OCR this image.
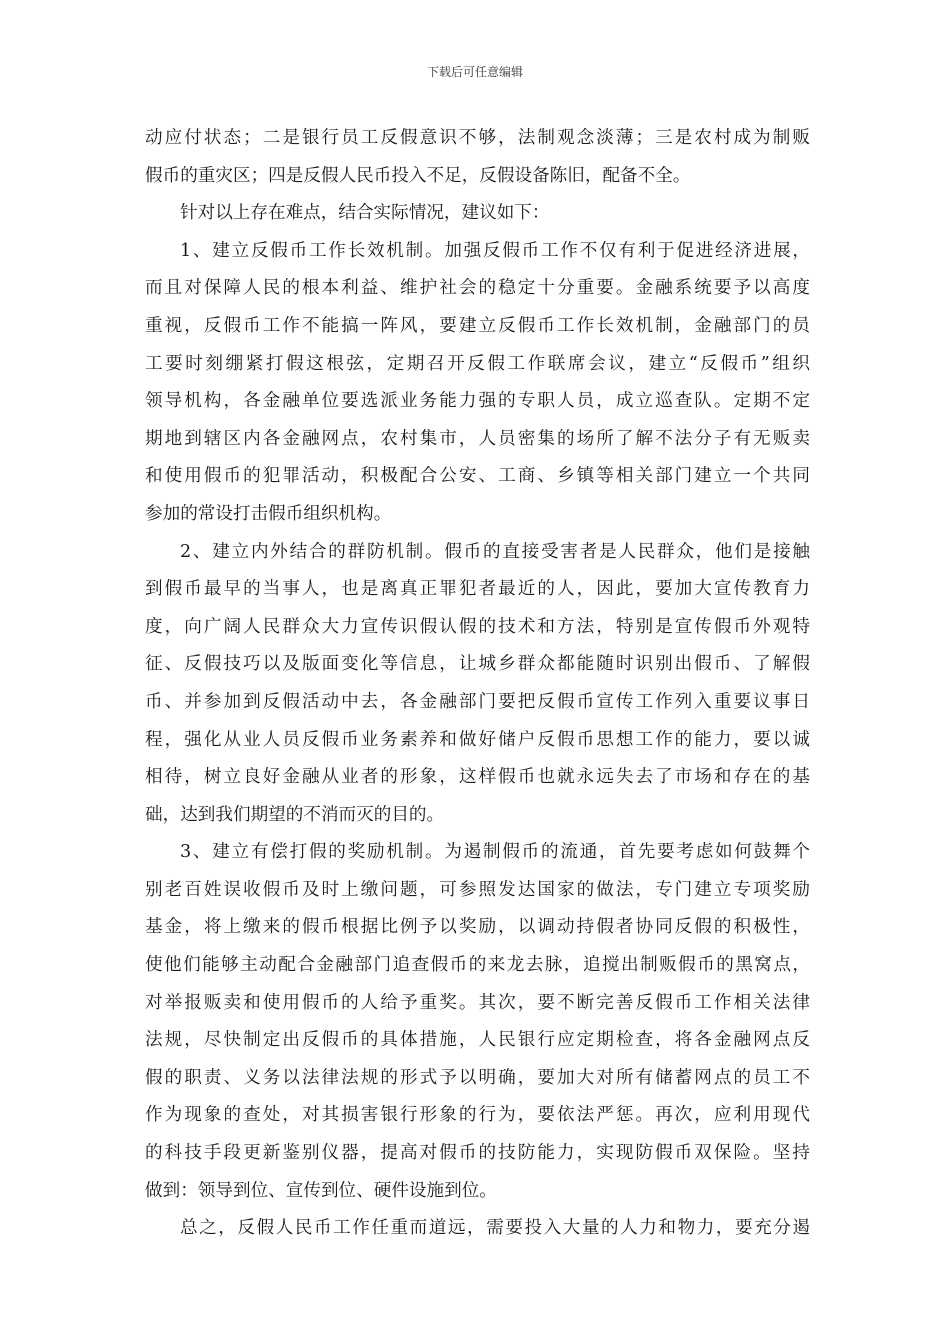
下载后可任意编辑
动应付状态；二是银行员工反假意识不够，法制观念淡薄；三是农村成为制贩
假币的重灾区；四是反假人民币投入不足，反假设备陈旧，配备不全。
针对以上存在难点，结合实际情况，建议如下：
1、建立反假币工作长效机制。加强反假币工作不仅有利于促进经济进展，
而且对保障人民的根本利益、维护社会的稳定十分重要。金融系统要予以高度
重视，反假币工作不能搞一阵风，要建立反假币工作长效机制，金融部门的员
工要时刻绷紧打假这根弦，定期召开反假工作联席会议，建立“反假币”组织
领导机构，各金融单位要选派业务能力强的专职人员，成立巡查队。定期不定
期地到辖区内各金融网点，农村集市，人员密集的场所了解不法分子有无贩卖
和使用假币的犯罪活动，积极配合公安、工商、乡镇等相关部门建立一个共同
参加的常设打击假币组织机构。
2、建立内外结合的群防机制。假币的直接受害者是人民群众，他们是接触
到假币最早的当事人，也是离真正罪犯者最近的人，因此，要加大宣传教育力
度，向广阔人民群众大力宣传识假认假的技术和方法，特别是宣传假币外观特
征、反假技巧以及版面变化等信息，让城乡群众都能随时识别出假币、了解假
币、并参加到反假活动中去，各金融部门要把反假币宣传工作列入重要议事日
程，强化从业人员反假币业务素养和做好储户反假币思想工作的能力，要以诚
相待，树立良好金融从业者的形象，这样假币也就永远失去了市场和存在的基
础，达到我们期望的不消而灭的目的。
3、建立有偿打假的奖励机制。为遏制假币的流通，首先要考虑如何鼓舞个
别老百姓误收假币及时上缴问题，可参照发达国家的做法，专门建立专项奖励
基金，将上缴来的假币根据比例予以奖励，以调动持假者协同反假的积极性，
使他们能够主动配合金融部门追查假币的来龙去脉，追搅出制贩假币的黑窝点，
对举报贩卖和使用假币的人给予重奖。其次，要不断完善反假币工作相关法律
法规，尽快制定出反假币的具体措施，人民银行应定期检查，将各金融网点反
假的职责、义务以法律法规的形式予以明确，要加大对所有储蓄网点的员工不
作为现象的查处，对其损害银行形象的行为，要依法严惩。再次，应利用现代
的科技手段更新鉴别仪器，提高对假币的技防能力，实现防假币双保险。坚持
做到：领导到位、宣传到位、硬件设施到位。
总之，反假人民币工作任重而道远，需要投入大量的人力和物力，要充分遏
